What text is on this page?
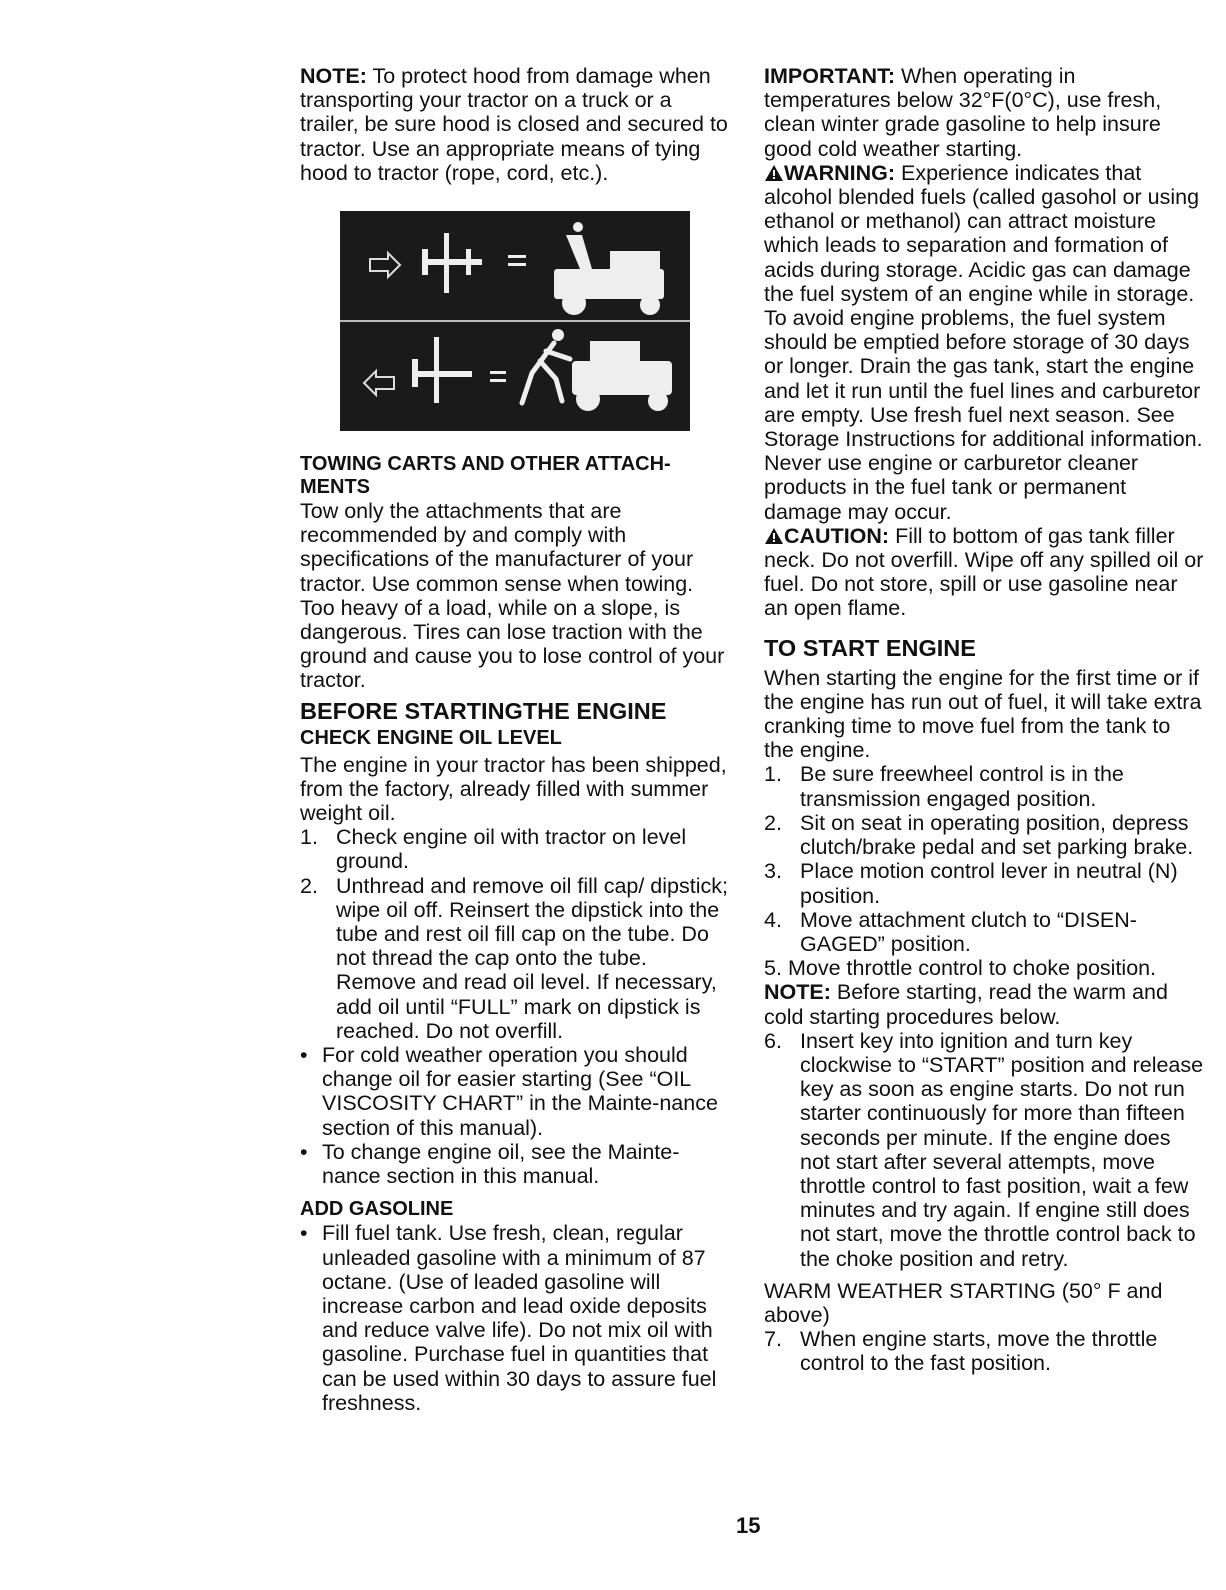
NOTE: To protect hood from damage when transporting your tractor on a truck or a trailer, be sure hood is closed and secured to tractor. Use an appropriate means of tying hood to tractor (rope, cord, etc.).

TOWING CARTS AND OTHER ATTACH-MENTS

Tow only the attachments that are recommended by and comply with specifications of the manufacturer of your tractor. Use common sense when towing. Too heavy of a load, while on a slope, is dangerous. Tires can lose traction with the ground and cause you to lose control of your tractor.

BEFORE STARTINGTHE ENGINE

CHECK ENGINE OIL LEVEL

The engine in your tractor has been shipped, from the factory, already filled with summer weight oil.

1. Check engine oil with tractor on level ground.
2. Unthread and remove oil fill cap/ dipstick; wipe oil off. Reinsert the dipstick into the tube and rest oil fill cap on the tube. Do not thread the cap onto the tube. Remove and read oil level. If necessary, add oil until “FULL” mark on dipstick is reached. Do not overfill.
• For cold weather operation you should change oil for easier starting (See “OIL VISCOSITY CHART” in the Mainte-nance section of this manual).
• To change engine oil, see the Mainte-nance section in this manual.

ADD GASOLINE

• Fill fuel tank. Use fresh, clean, regular unleaded gasoline with a minimum of 87 octane. (Use of leaded gasoline will increase carbon and lead oxide deposits and reduce valve life). Do not mix oil with gasoline. Purchase fuel in quantities that can be used within 30 days to assure fuel freshness.

IMPORTANT: When operating in temperatures below 32°F(0°C), use fresh, clean winter grade gasoline to help insure good cold weather starting.

WARNING: Experience indicates that alcohol blended fuels (called gasohol or using ethanol or methanol) can attract moisture which leads to separation and formation of acids during storage. Acidic gas can damage the fuel system of an engine while in storage. To avoid engine problems, the fuel system should be emptied before storage of 30 days or longer. Drain the gas tank, start the engine and let it run until the fuel lines and carburetor are empty. Use fresh fuel next season. See Storage Instructions for additional information. Never use engine or carburetor cleaner products in the fuel tank or permanent damage may occur.

CAUTION: Fill to bottom of gas tank filler neck. Do not overfill. Wipe off any spilled oil or fuel. Do not store, spill or use gasoline near an open flame.

TO START ENGINE

When starting the engine for the first time or if the engine has run out of fuel, it will take extra cranking time to move fuel from the tank to the engine.

1. Be sure freewheel control is in the transmission engaged position.
2. Sit on seat in operating position, depress clutch/brake pedal and set parking brake.
3. Place motion control lever in neutral (N) position.
4. Move attachment clutch to “DISEN-GAGED” position.
5. Move throttle control to choke position.

NOTE: Before starting, read the warm and cold starting procedures below.

6. Insert key into ignition and turn key clockwise to “START” position and release key as soon as engine starts. Do not run starter continuously for more than fifteen seconds per minute. If the engine does not start after several attempts, move throttle control to fast position, wait a few minutes and try again. If engine still does not start, move the throttle control back to the choke position and retry.

WARM WEATHER STARTING (50° F and above)

7. When engine starts, move the throttle control to the fast position.
15
